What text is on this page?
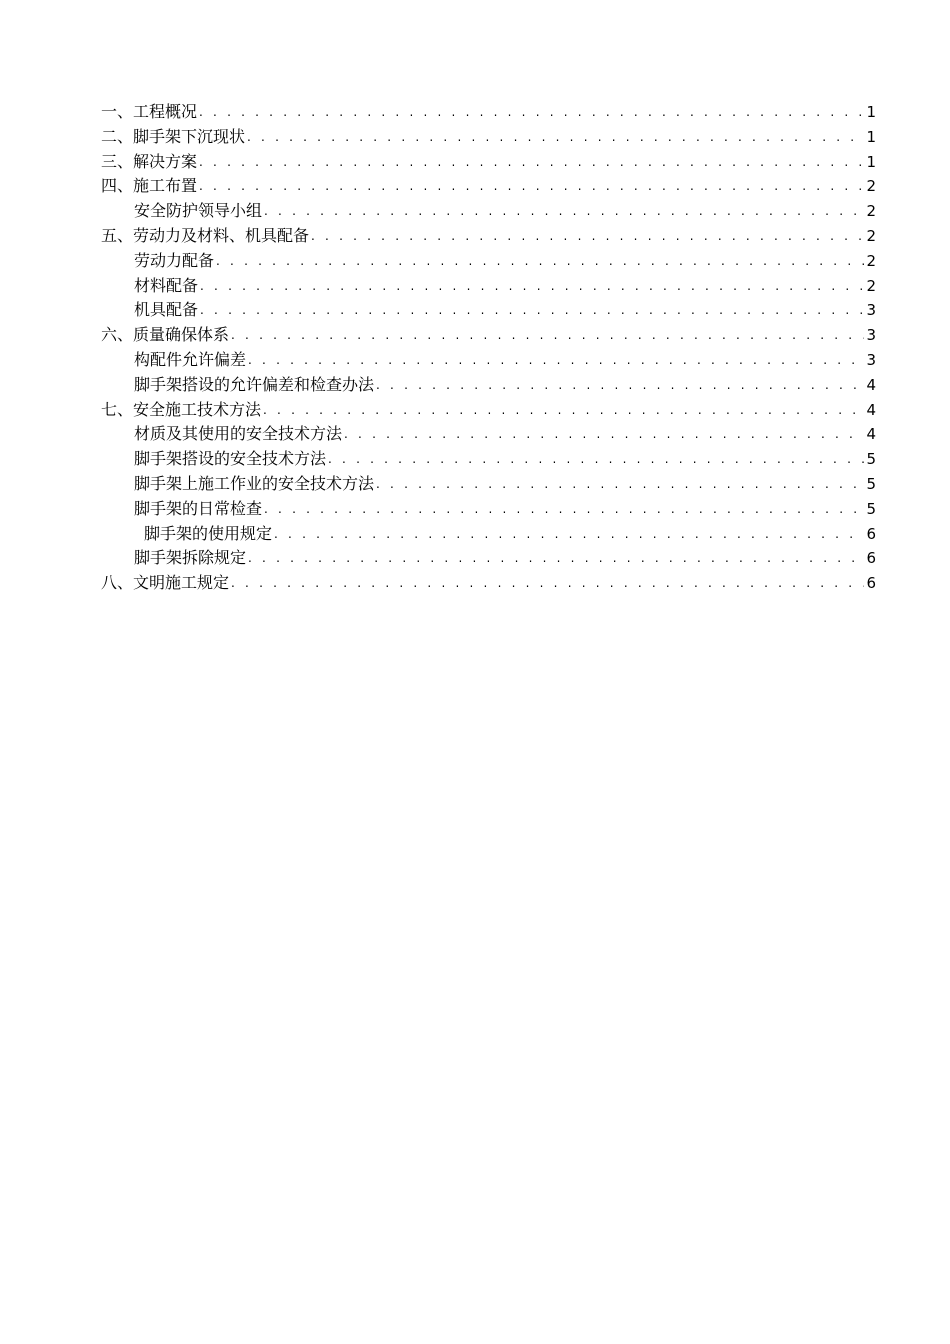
一、工程概况 . . .	1
二、脚手架下沉现状 . . .	1
三、解决方案 . . .	1
四、施工布置 . . .	2
安全防护领导小组 . . .	2
五、劳动力及材料、机具配备 . . .	2
劳动力配备 . . .	2
材料配备 . . .	2
机具配备 . . .	3
六、质量确保体系 . . .	3
构配件允许偏差 . . .	3
脚手架搭设的允许偏差和检查办法 . . .	4
七、安全施工技术方法 . . .	4
材质及其使用的安全技术方法 . . .	4
脚手架搭设的安全技术方法 . . .	5
脚手架上施工作业的安全技术方法 . . .	5
脚手架的日常检查 . . .	5
脚手架的使用规定 . . .	6
脚手架拆除规定 . . .	6
八、文明施工规定 . . .	6
